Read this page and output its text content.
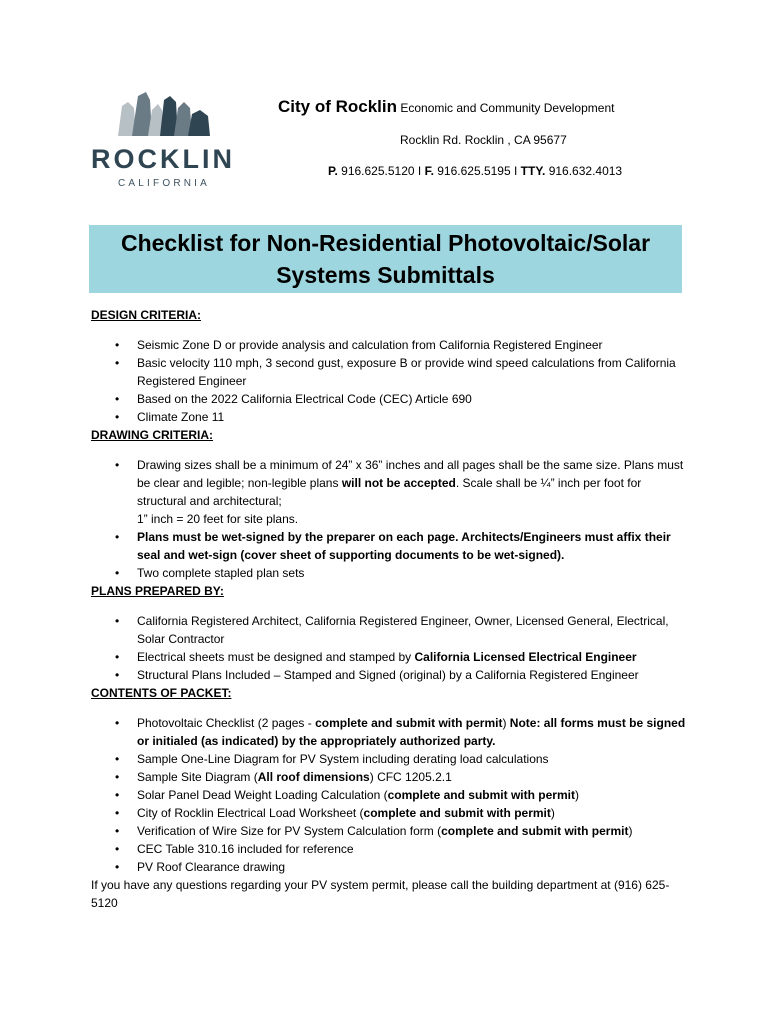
ROCKLIN
CALIFORNIA
City of Rocklin Economic and Community Development
Rocklin Rd. Rocklin , CA 95677
P. 916.625.5120 I F. 916.625.5195 I TTY. 916.632.4013
Checklist for Non-Residential Photovoltaic/Solar
Systems Submittals

DESIGN CRITERIA:

• Seismic Zone D or provide analysis and calculation from California Registered Engineer
• Basic velocity 110 mph, 3 second gust, exposure B or provide wind speed calculations from California Registered Engineer
• Based on the 2022 California Electrical Code (CEC) Article 690
• Climate Zone 11

DRAWING CRITERIA:

• Drawing sizes shall be a minimum of 24” x 36” inches and all pages shall be the same size. Plans must be clear and legible; non-legible plans will not be accepted. Scale shall be ¼” inch per foot for structural and architectural;
1” inch = 20 feet for site plans.
• Plans must be wet-signed by the preparer on each page. Architects/Engineers must affix their seal and wet-sign (cover sheet of supporting documents to be wet-signed).
• Two complete stapled plan sets

PLANS PREPARED BY:

• California Registered Architect, California Registered Engineer, Owner, Licensed General, Electrical, Solar Contractor
• Electrical sheets must be designed and stamped by California Licensed Electrical Engineer
• Structural Plans Included – Stamped and Signed (original) by a California Registered Engineer

CONTENTS OF PACKET:

• Photovoltaic Checklist (2 pages - complete and submit with permit) Note: all forms must be signed or initialed (as indicated) by the appropriately authorized party.
• Sample One-Line Diagram for PV System including derating load calculations
• Sample Site Diagram (All roof dimensions) CFC 1205.2.1
• Solar Panel Dead Weight Loading Calculation (complete and submit with permit)
• City of Rocklin Electrical Load Worksheet (complete and submit with permit)
• Verification of Wire Size for PV System Calculation form (complete and submit with permit)
• CEC Table 310.16 included for reference
• PV Roof Clearance drawing

If you have any questions regarding your PV system permit, please call the building department at (916) 625-5120
